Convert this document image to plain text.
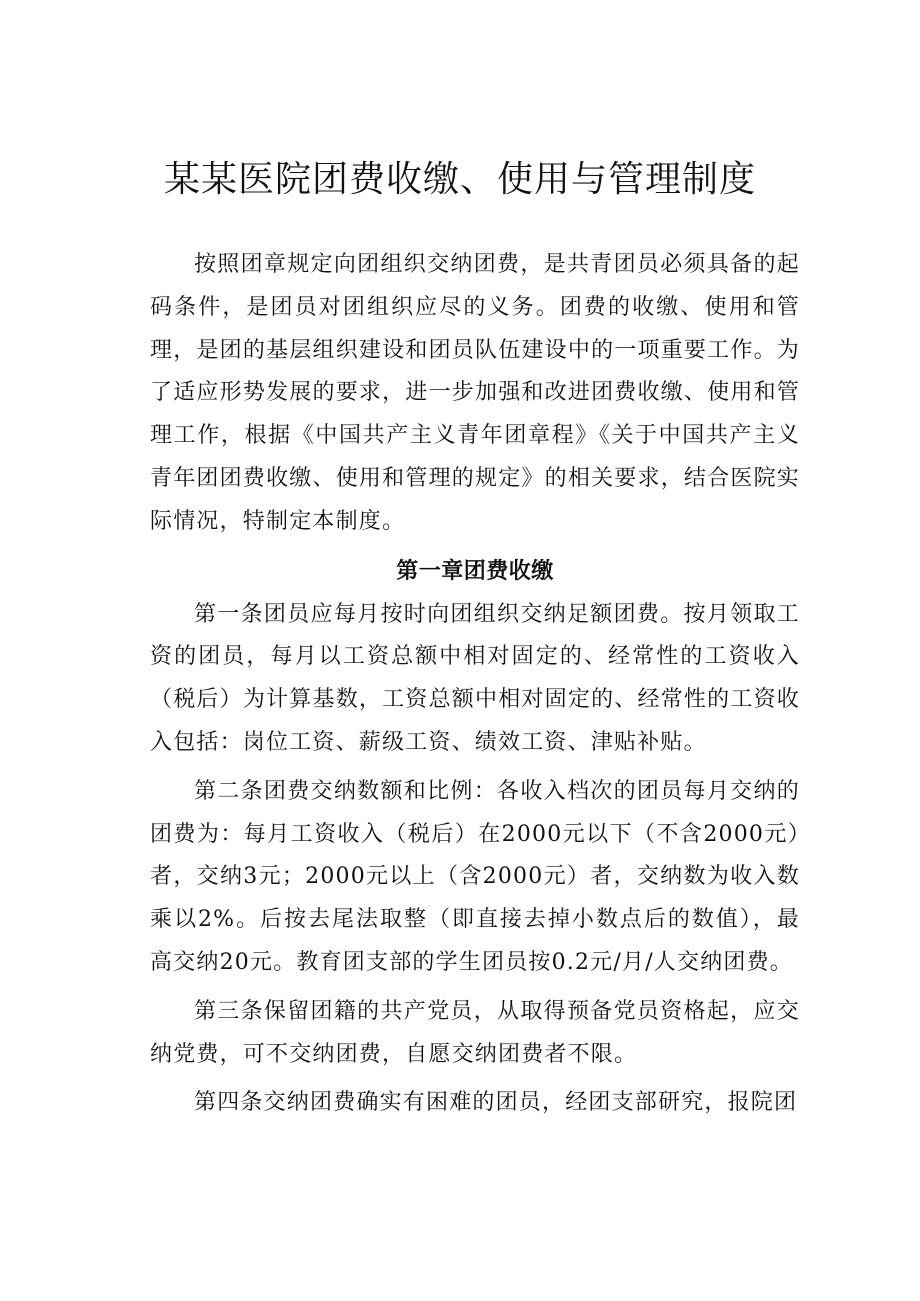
某某医院团费收缴、使用与管理制度

按照团章规定向团组织交纳团费，是共青团员必须具备的起码条件，是团员对团组织应尽的义务。团费的收缴、使用和管理，是团的基层组织建设和团员队伍建设中的一项重要工作。为了适应形势发展的要求，进一步加强和改进团费收缴、使用和管理工作，根据《中国共产主义青年团章程》《关于中国共产主义青年团团费收缴、使用和管理的规定》的相关要求，结合医院实际情况，特制定本制度。

第一章团费收缴

第一条团员应每月按时向团组织交纳足额团费。按月领取工资的团员，每月以工资总额中相对固定的、经常性的工资收入（税后）为计算基数，工资总额中相对固定的、经常性的工资收入包括：岗位工资、薪级工资、绩效工资、津贴补贴。

第二条团费交纳数额和比例：各收入档次的团员每月交纳的团费为：每月工资收入（税后）在2000元以下（不含2000元）者，交纳3元；2000元以上（含2000元）者，交纳数为收入数乘以2%。后按去尾法取整（即直接去掉小数点后的数值），最高交纳20元。教育团支部的学生团员按0.2元/月/人交纳团费。

第三条保留团籍的共产党员，从取得预备党员资格起，应交纳党费，可不交纳团费，自愿交纳团费者不限。

第四条交纳团费确实有困难的团员，经团支部研究，报院团
